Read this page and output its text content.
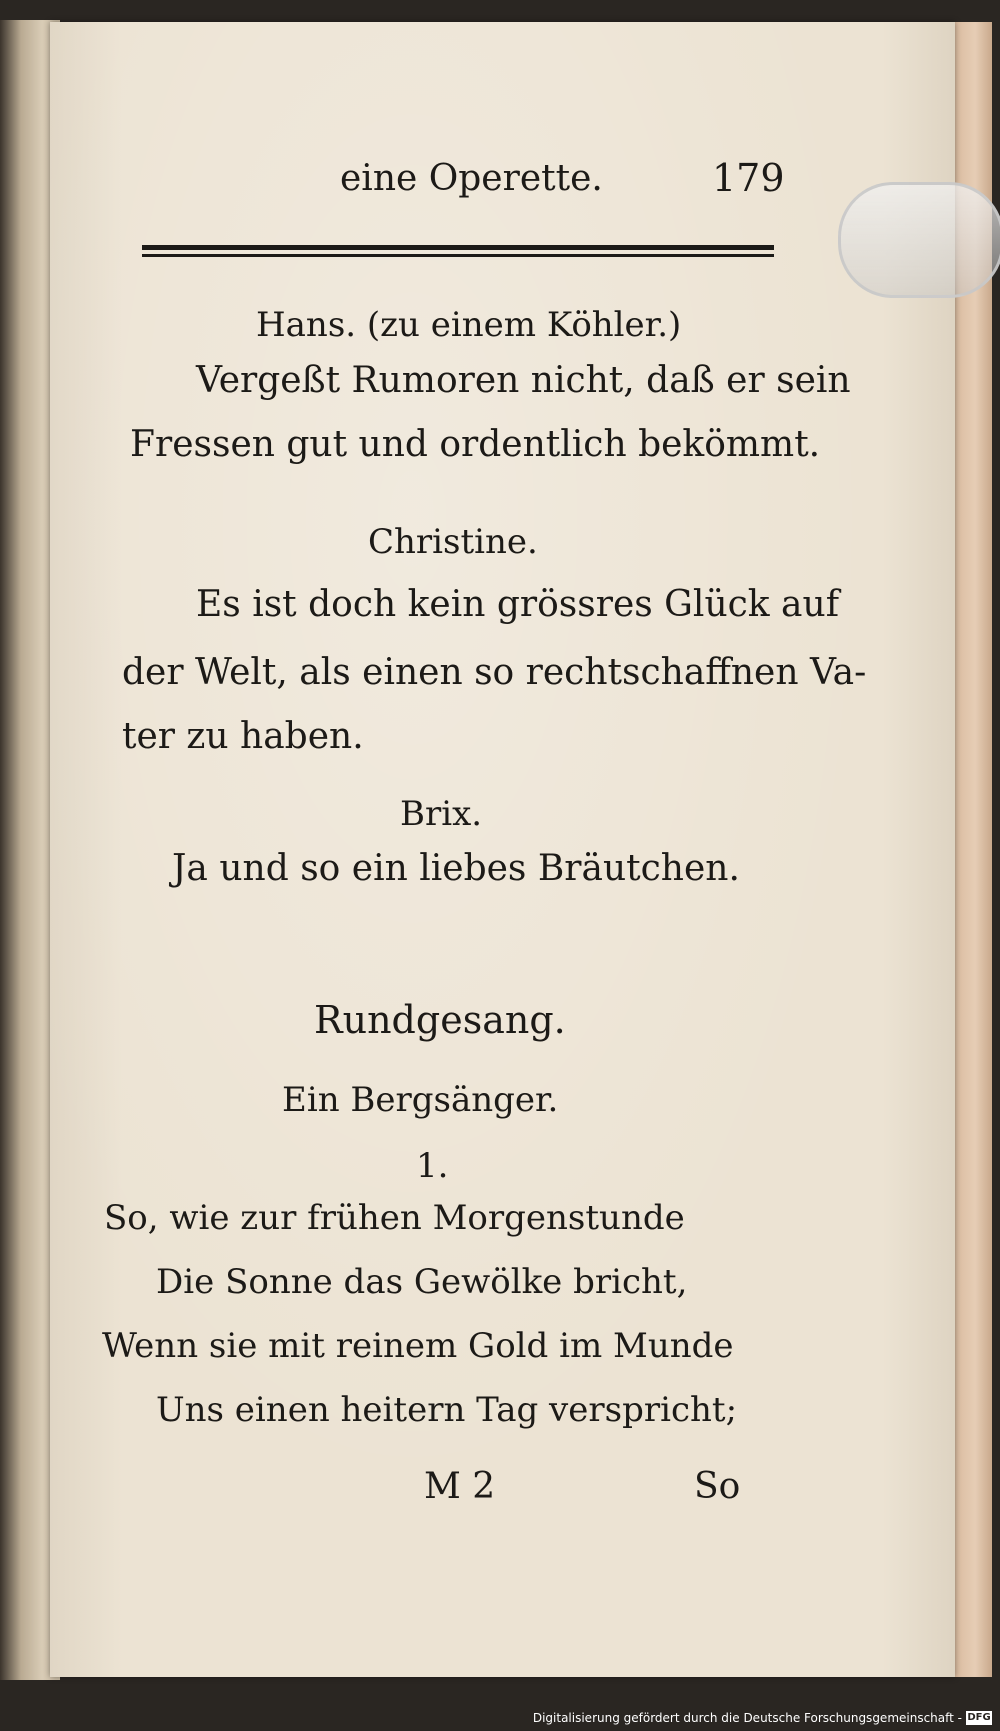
eine Operette.	179
Hans. (zu einem Köhler.)
Vergeßt Rumoren nicht, daß er sein
Fressen gut und ordentlich bekömmt.
Christine.
Es ist doch kein grössres Glück auf
der Welt, als einen so rechtschaffnen Va-
ter zu haben.
Brix.
Ja und so ein liebes Bräutchen.
Rundgesang.
Ein Bergsänger.
1.
So, wie zur frühen Morgenstunde
Die Sonne das Gewölke bricht,
Wenn sie mit reinem Gold im Munde
Uns einen heitern Tag verspricht;
M 2	So
Digitalisierung gefördert durch die Deutsche Forschungsgemeinschaft - DFG
